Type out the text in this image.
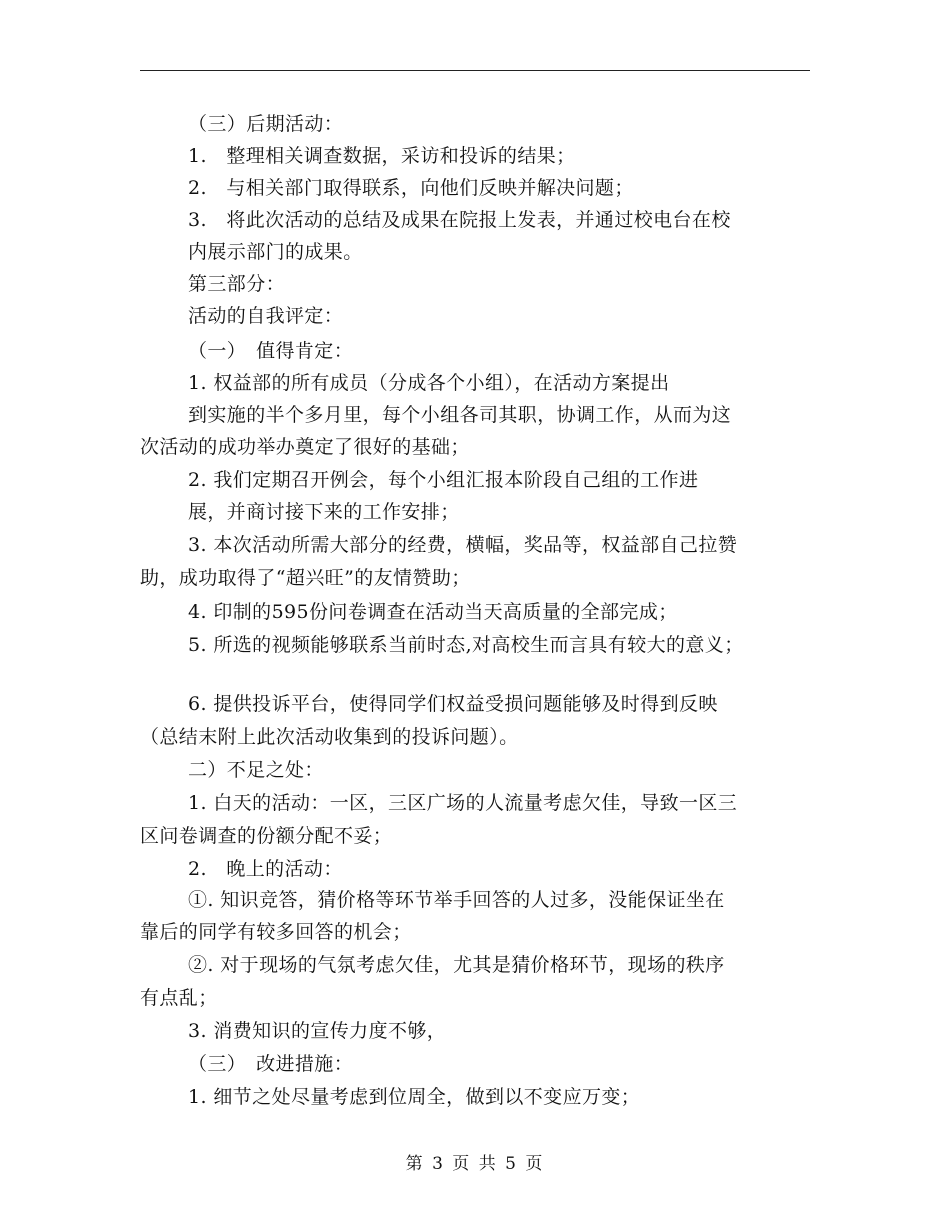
（三）后期活动：
1.　整理相关调查数据，采访和投诉的结果；
2.　与相关部门取得联系，向他们反映并解决问题；
3.　将此次活动的总结及成果在院报上发表，并通过校电台在校
内展示部门的成果。
第三部分：
活动的自我评定：
（一）　值得肯定：
1. 权益部的所有成员（分成各个小组），在活动方案提出
到实施的半个多月里，每个小组各司其职，协调工作，从而为这
次活动的成功举办奠定了很好的基础；
2. 我们定期召开例会，每个小组汇报本阶段自己组的工作进
展，并商讨接下来的工作安排；
3. 本次活动所需大部分的经费，横幅，奖品等，权益部自己拉赞
助，成功取得了“超兴旺”的友情赞助；
4. 印制的595份问卷调查在活动当天高质量的全部完成；
5. 所选的视频能够联系当前时态,对高校生而言具有较大的意义；
6. 提供投诉平台，使得同学们权益受损问题能够及时得到反映
（总结末附上此次活动收集到的投诉问题）。
二）不足之处：
1. 白天的活动：一区，三区广场的人流量考虑欠佳，导致一区三
区问卷调查的份额分配不妥；
2.　晚上的活动：
①. 知识竞答，猜价格等环节举手回答的人过多，没能保证坐在
靠后的同学有较多回答的机会；
②. 对于现场的气氛考虑欠佳，尤其是猜价格环节，现场的秩序
有点乱；
3. 消费知识的宣传力度不够，
（三）　改进措施：
1. 细节之处尽量考虑到位周全，做到以不变应万变；
第 3 页 共 5 页
